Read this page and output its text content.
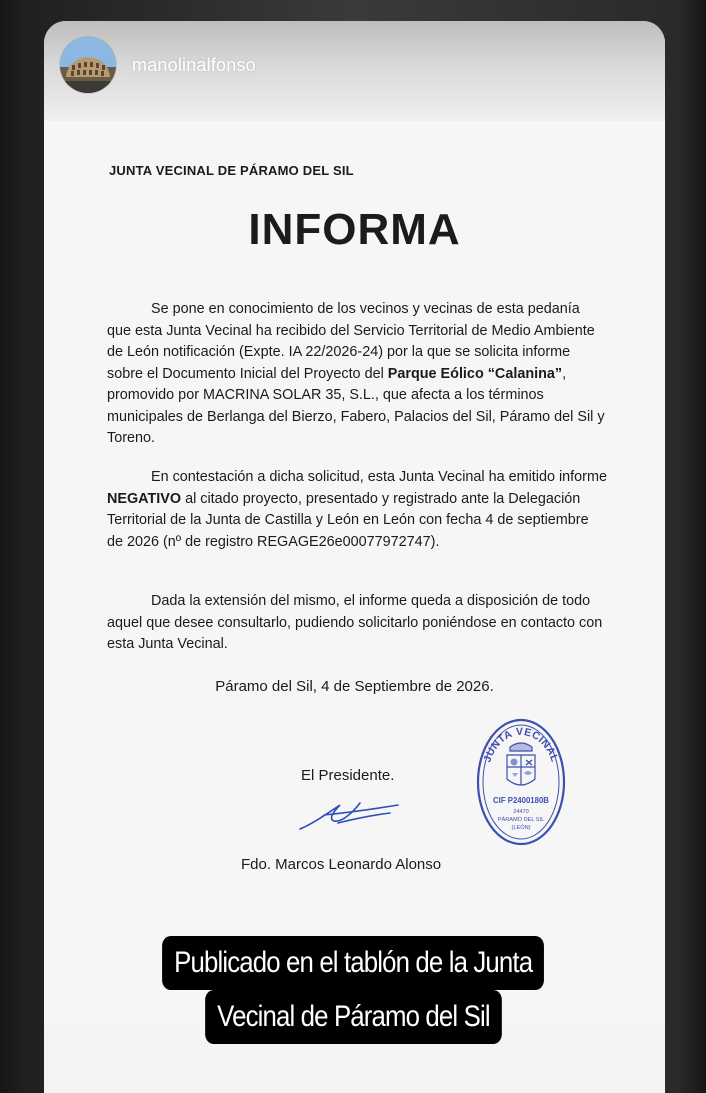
manolinalfonso
JUNTA VECINAL DE PÁRAMO DEL SIL
INFORMA

Se pone en conocimiento de los vecinos y vecinas de esta pedanía que esta Junta Vecinal ha recibido del Servicio Territorial de Medio Ambiente de León notificación (Expte. IA 22/2026-24) por la que se solicita informe sobre el Documento Inicial del Proyecto del Parque Eólico “Calanina”, promovido por MACRINA SOLAR 35, S.L., que afecta a los términos municipales de Berlanga del Bierzo, Fabero, Palacios del Sil, Páramo del Sil y Toreno.

En contestación a dicha solicitud, esta Junta Vecinal ha emitido informe NEGATIVO al citado proyecto, presentado y registrado ante la Delegación Territorial de la Junta de Castilla y León en León con fecha 4 de septiembre de 2026 (nº de registro REGAGE26e00077972747).

Dada la extensión del mismo, el informe queda a disposición de todo aquel que desee consultarlo, pudiendo solicitarlo poniéndose en contacto con esta Junta Vecinal.

Páramo del Sil, 4 de Septiembre de 2026.
El Presidente.
Fdo. Marcos Leonardo Alonso
JUNTA VECINAL
CIF P2400180B
24470
PÁRAMO DEL SIL
(LEÓN)
Publicado en el tablón de la Junta
Vecinal de Páramo del Sil
